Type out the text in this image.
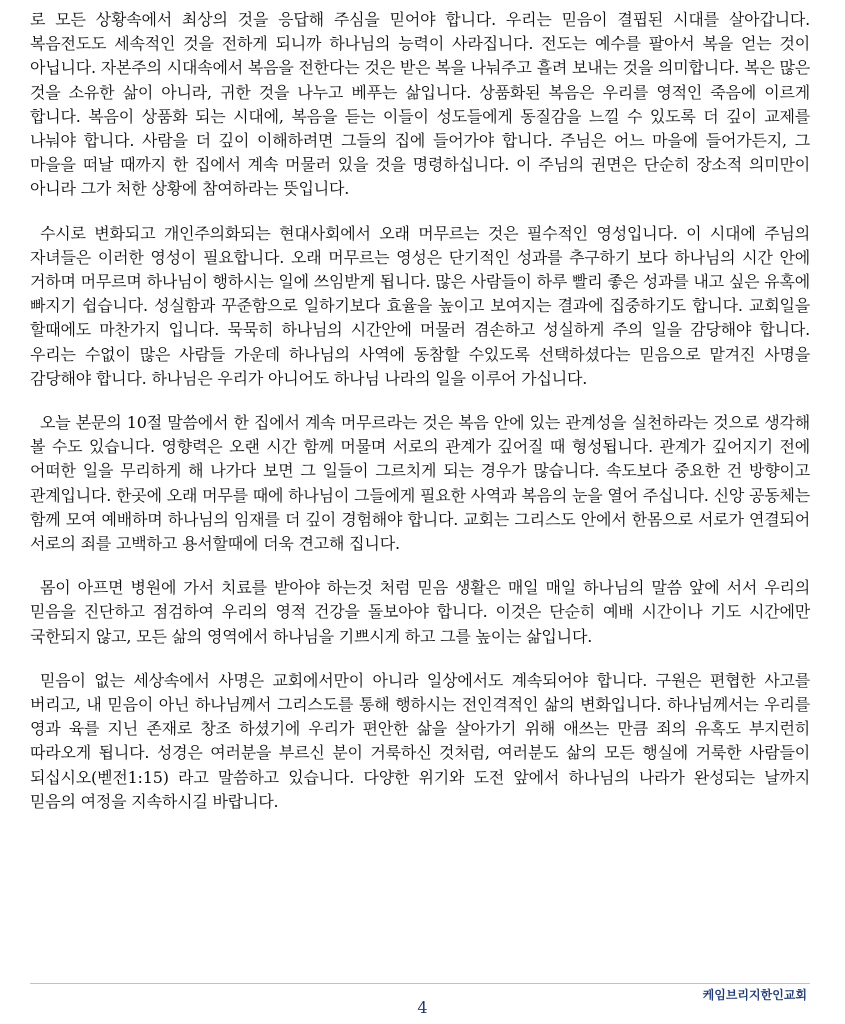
로 모든 상황속에서 최상의 것을 응답해 주심을 믿어야 합니다. 우리는 믿음이 결핍된 시대를 살아갑니다. 복음전도도 세속적인 것을 전하게 되니까 하나님의 능력이 사라집니다. 전도는 예수를 팔아서 복을 얻는 것이 아닙니다. 자본주의 시대속에서 복음을 전한다는 것은 받은 복을 나눠주고 흘려 보내는 것을 의미합니다. 복은 많은 것을 소유한 삶이 아니라, 귀한 것을 나누고 베푸는 삶입니다. 상품화된 복음은 우리를 영적인 죽음에 이르게 합니다. 복음이 상품화 되는 시대에, 복음을 듣는 이들이 성도들에게 동질감을 느낄 수 있도록 더 깊이 교제를 나눠야 합니다. 사람을 더 깊이 이해하려면 그들의 집에 들어가야 합니다. 주님은 어느 마을에 들어가든지, 그 마을을 떠날 때까지 한 집에서 계속 머물러 있을 것을 명령하십니다. 이 주님의 권면은 단순히 장소적 의미만이 아니라 그가 처한 상황에 참여하라는 뜻입니다.

수시로 변화되고 개인주의화되는 현대사회에서 오래 머무르는 것은 필수적인 영성입니다. 이 시대에 주님의 자녀들은 이러한 영성이 필요합니다. 오래 머무르는 영성은 단기적인 성과를 추구하기 보다 하나님의 시간 안에 거하며 머무르며 하나님이 행하시는 일에 쓰임받게 됩니다. 많은 사람들이 하루 빨리 좋은 성과를 내고 싶은 유혹에 빠지기 쉽습니다. 성실함과 꾸준함으로 일하기보다 효율을 높이고 보여지는 결과에 집중하기도 합니다. 교회일을 할때에도 마찬가지 입니다. 묵묵히 하나님의 시간안에 머물러 겸손하고 성실하게 주의 일을 감당해야 합니다. 우리는 수없이 많은 사람들 가운데 하나님의 사역에 동참할 수있도록 선택하셨다는 믿음으로 맡겨진 사명을 감당해야 합니다. 하나님은 우리가 아니어도 하나님 나라의 일을 이루어 가십니다.

오늘 본문의 10절 말씀에서 한 집에서 계속 머무르라는 것은 복음 안에 있는 관계성을 실천하라는 것으로 생각해 볼 수도 있습니다. 영향력은 오랜 시간 함께 머물며 서로의 관계가 깊어질 때 형성됩니다. 관계가 깊어지기 전에 어떠한 일을 무리하게 해 나가다 보면 그 일들이 그르치게 되는 경우가 많습니다. 속도보다 중요한 건 방향이고 관계입니다. 한곳에 오래 머무를 때에 하나님이 그들에게 필요한 사역과 복음의 눈을 열어 주십니다. 신앙 공동체는 함께 모여 예배하며 하나님의 임재를 더 깊이 경험해야 합니다. 교회는 그리스도 안에서 한몸으로 서로가 연결되어 서로의 죄를 고백하고 용서할때에 더욱 견고해 집니다.

몸이 아프면 병원에 가서 치료를 받아야 하는것 처럼 믿음 생활은 매일 매일 하나님의 말씀 앞에 서서 우리의 믿음을 진단하고 점검하여 우리의 영적 건강을 돌보아야 합니다. 이것은 단순히 예배 시간이나 기도 시간에만 국한되지 않고, 모든 삶의 영역에서 하나님을 기쁘시게 하고 그를 높이는 삶입니다.

믿음이 없는 세상속에서 사명은 교회에서만이 아니라 일상에서도 계속되어야 합니다. 구원은 편협한 사고를 버리고, 내 믿음이 아닌 하나님께서 그리스도를 통해 행하시는 전인격적인 삶의 변화입니다. 하나님께서는 우리를 영과 육를 지닌 존재로 창조 하셨기에 우리가 편안한 삶을 살아가기 위해 애쓰는 만큼 죄의 유혹도 부지런히 따라오게 됩니다. 성경은 여러분을 부르신 분이 거룩하신 것처럼, 여러분도 삶의 모든 행실에 거룩한 사람들이 되십시오(벧전1:15) 라고 말씀하고 있습니다. 다양한 위기와 도전 앞에서 하나님의 나라가 완성되는 날까지 믿음의 여정을 지속하시길 바랍니다.

케임브리지한인교회
4
